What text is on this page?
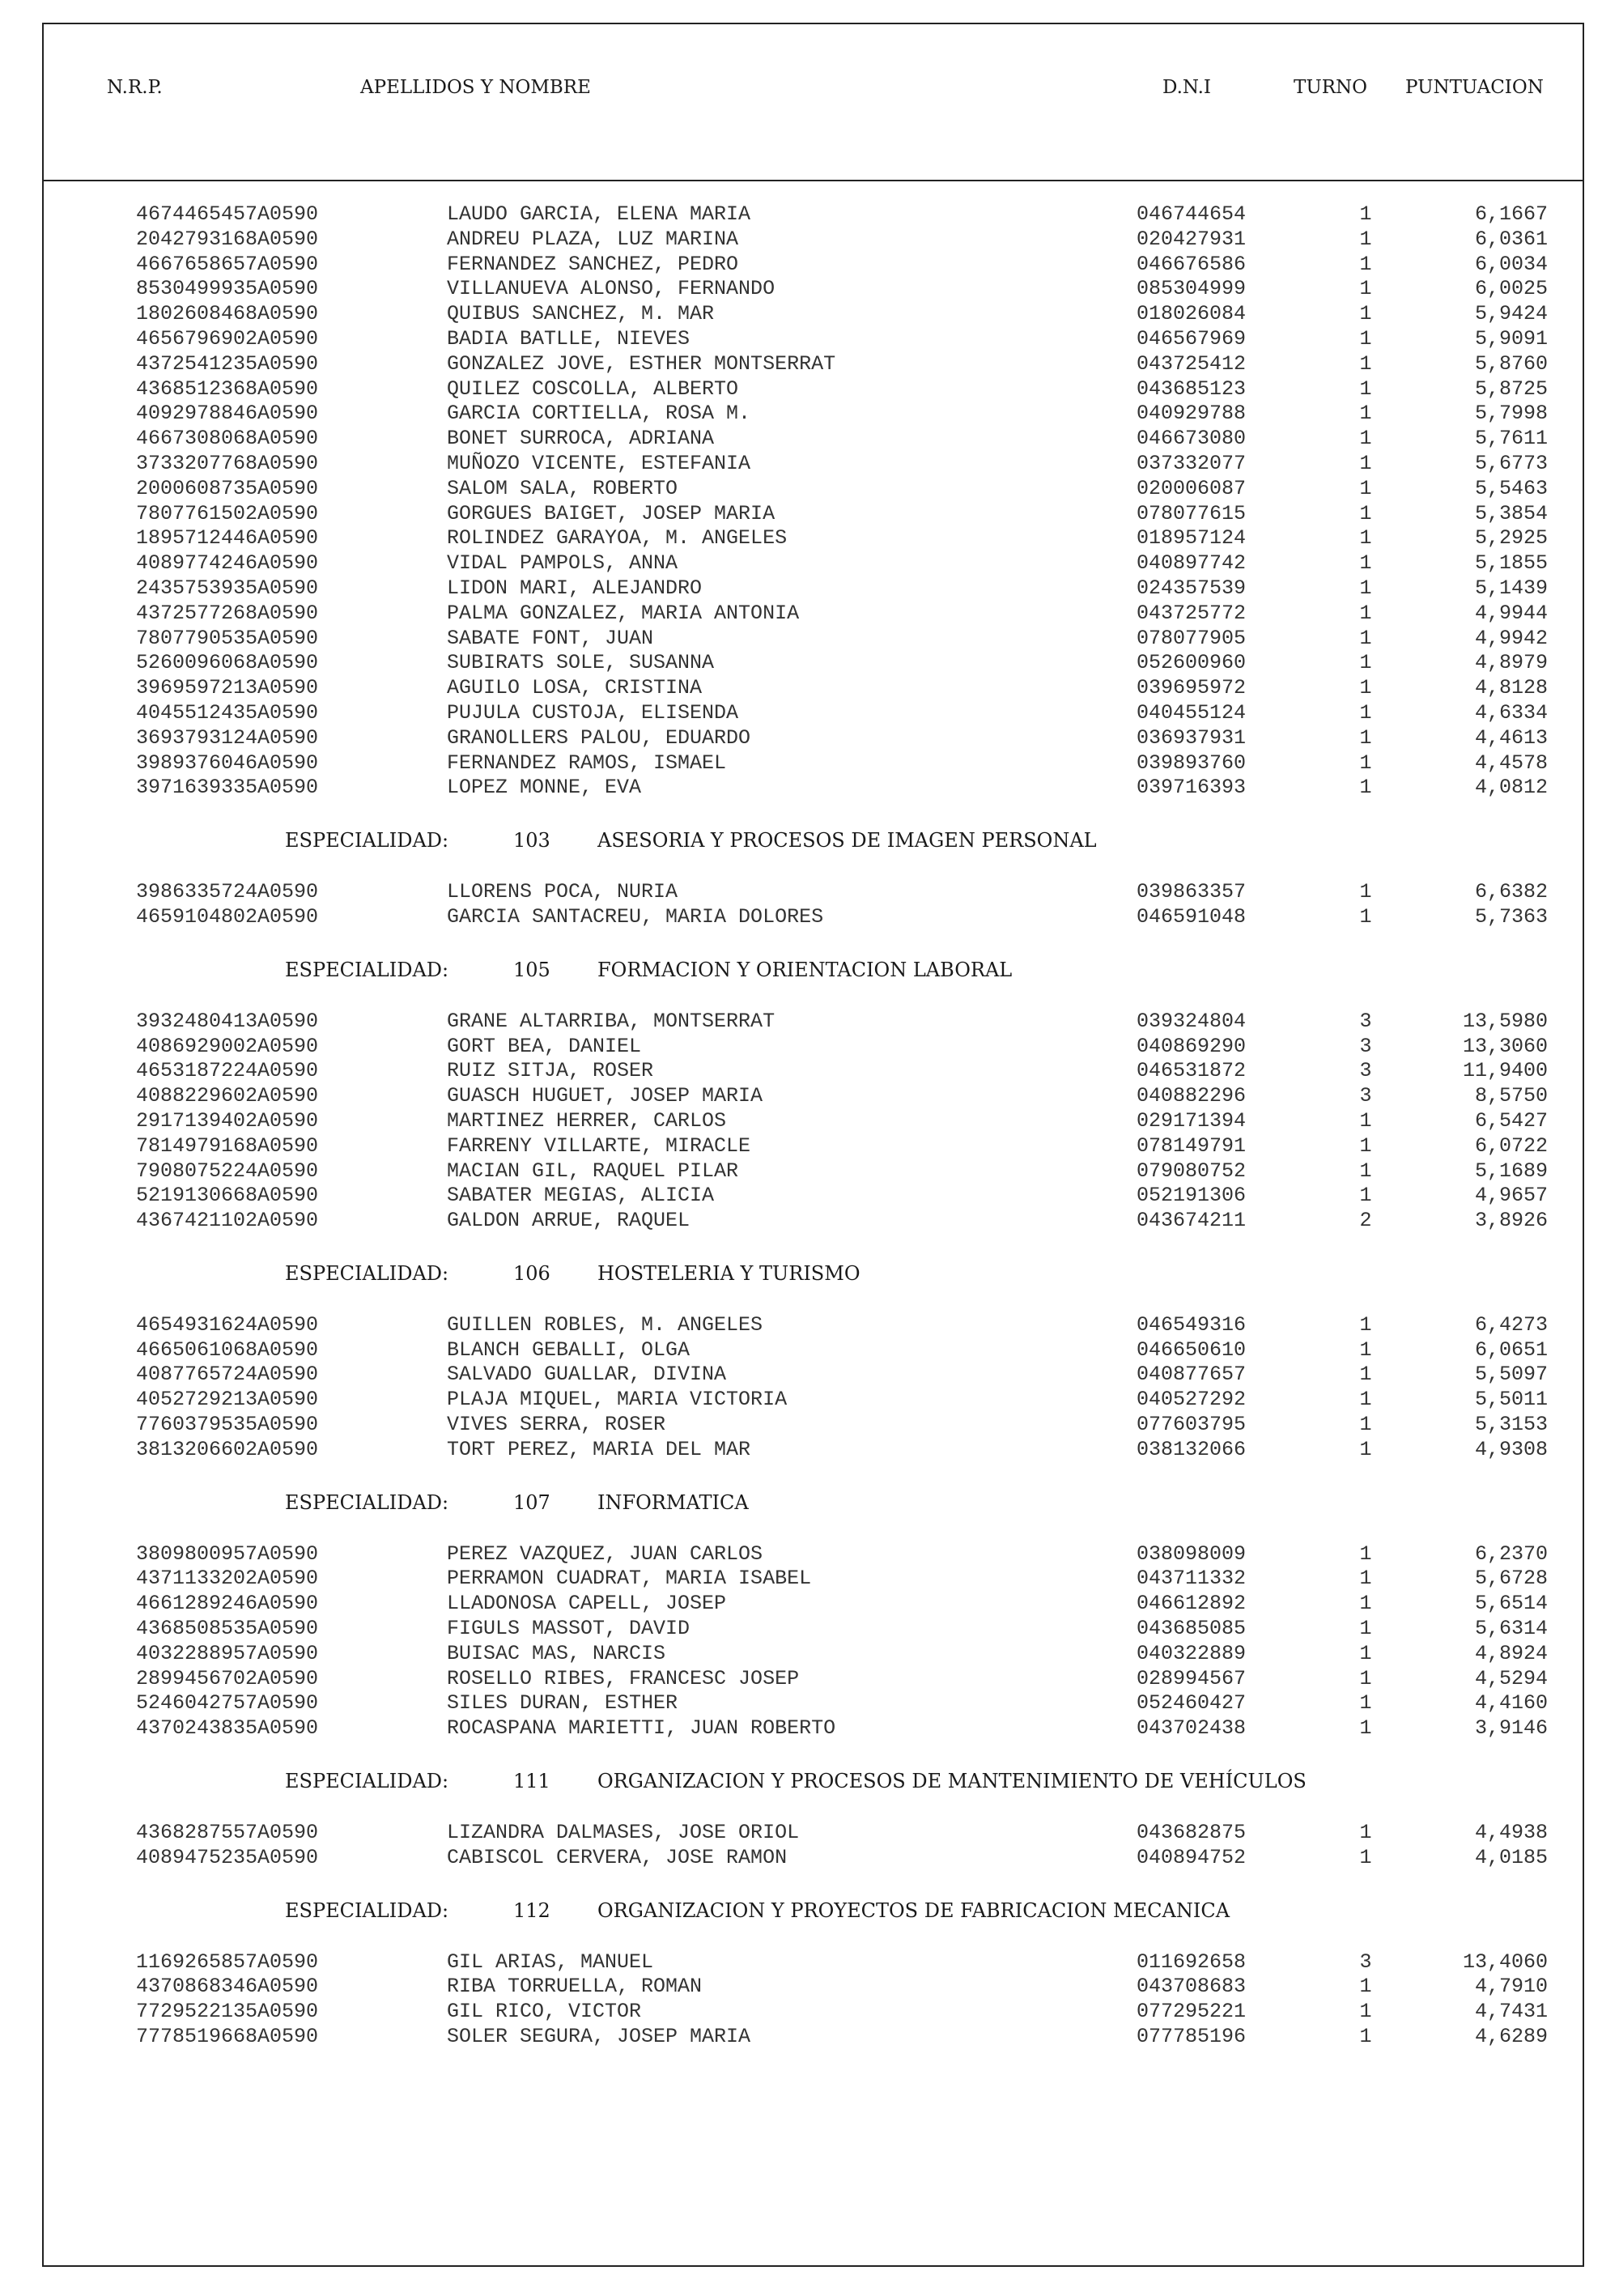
N.R.P.	APELLIDOS Y NOMBRE	D.N.I	TURNO PUNTUACION
4674465457A0590	LAUDO GARCIA, ELENA MARIA	046744654	1	6,1667
2042793168A0590	ANDREU PLAZA, LUZ MARINA	020427931	1	6,0361
4667658657A0590	FERNANDEZ SANCHEZ, PEDRO	046676586	1	6,0034
8530499935A0590	VILLANUEVA ALONSO, FERNANDO	085304999	1	6,0025
1802608468A0590	QUIBUS SANCHEZ, M. MAR	018026084	1	5,9424
4656796902A0590	BADIA BATLLE, NIEVES	046567969	1	5,9091
4372541235A0590	GONZALEZ JOVE, ESTHER MONTSERRAT	043725412	1	5,8760
4368512368A0590	QUILEZ COSCOLLA, ALBERTO	043685123	1	5,8725
4092978846A0590	GARCIA CORTIELLA, ROSA M.	040929788	1	5,7998
4667308068A0590	BONET SURROCA, ADRIANA	046673080	1	5,7611
3733207768A0590	MUÑOZO VICENTE, ESTEFANIA	037332077	1	5,6773
2000608735A0590	SALOM SALA, ROBERTO	020006087	1	5,5463
7807761502A0590	GORGUES BAIGET, JOSEP MARIA	078077615	1	5,3854
1895712446A0590	ROLINDEZ GARAYOA, M. ANGELES	018957124	1	5,2925
4089774246A0590	VIDAL PAMPOLS, ANNA	040897742	1	5,1855
2435753935A0590	LIDON MARI, ALEJANDRO	024357539	1	5,1439
4372577268A0590	PALMA GONZALEZ, MARIA ANTONIA	043725772	1	4,9944
7807790535A0590	SABATE FONT, JUAN	078077905	1	4,9942
5260096068A0590	SUBIRATS SOLE, SUSANNA	052600960	1	4,8979
3969597213A0590	AGUILO LOSA, CRISTINA	039695972	1	4,8128
4045512435A0590	PUJULA CUSTOJA, ELISENDA	040455124	1	4,6334
3693793124A0590	GRANOLLERS PALOU, EDUARDO	036937931	1	4,4613
3989376046A0590	FERNANDEZ RAMOS, ISMAEL	039893760	1	4,4578
3971639335A0590	LOPEZ MONNE, EVA	039716393	1	4,0812
ESPECIALIDAD:	103 ASESORIA Y PROCESOS DE IMAGEN PERSONAL
3986335724A0590	LLORENS POCA, NURIA	039863357	1	6,6382
4659104802A0590	GARCIA SANTACREU, MARIA DOLORES	046591048	1	5,7363
ESPECIALIDAD:	105 FORMACION Y ORIENTACION LABORAL
3932480413A0590	GRANE ALTARRIBA, MONTSERRAT	039324804	3	13,5980
4086929002A0590	GORT BEA, DANIEL	040869290	3	13,3060
4653187224A0590	RUIZ SITJA, ROSER	046531872	3	11,9400
4088229602A0590	GUASCH HUGUET, JOSEP MARIA	040882296	3	8,5750
2917139402A0590	MARTINEZ HERRER, CARLOS	029171394	1	6,5427
7814979168A0590	FARRENY VILLARTE, MIRACLE	078149791	1	6,0722
7908075224A0590	MACIAN GIL, RAQUEL PILAR	079080752	1	5,1689
5219130668A0590	SABATER MEGIAS, ALICIA	052191306	1	4,9657
4367421102A0590	GALDON ARRUE, RAQUEL	043674211	2	3,8926
ESPECIALIDAD:	106 HOSTELERIA Y TURISMO
4654931624A0590	GUILLEN ROBLES, M. ANGELES	046549316	1	6,4273
4665061068A0590	BLANCH GEBALLI, OLGA	046650610	1	6,0651
4087765724A0590	SALVADO GUALLAR, DIVINA	040877657	1	5,5097
4052729213A0590	PLAJA MIQUEL, MARIA VICTORIA	040527292	1	5,5011
7760379535A0590	VIVES SERRA, ROSER	077603795	1	5,3153
3813206602A0590	TORT PEREZ, MARIA DEL MAR	038132066	1	4,9308
ESPECIALIDAD:	107 INFORMATICA
3809800957A0590	PEREZ VAZQUEZ, JUAN CARLOS	038098009	1	6,2370
4371133202A0590	PERRAMON CUADRAT, MARIA ISABEL	043711332	1	5,6728
4661289246A0590	LLADONOSA CAPELL, JOSEP	046612892	1	5,6514
4368508535A0590	FIGULS MASSOT, DAVID	043685085	1	5,6314
4032288957A0590	BUISAC MAS, NARCIS	040322889	1	4,8924
2899456702A0590	ROSELLO RIBES, FRANCESC JOSEP	028994567	1	4,5294
5246042757A0590	SILES DURAN, ESTHER	052460427	1	4,4160
4370243835A0590	ROCASPANA MARIETTI, JUAN ROBERTO	043702438	1	3,9146
ESPECIALIDAD:	111 ORGANIZACION Y PROCESOS DE MANTENIMIENTO DE VEHÍCULOS
4368287557A0590	LIZANDRA DALMASES, JOSE ORIOL	043682875	1	4,4938
4089475235A0590	CABISCOL CERVERA, JOSE RAMON	040894752	1	4,0185
ESPECIALIDAD:	112 ORGANIZACION Y PROYECTOS DE FABRICACION MECANICA
1169265857A0590	GIL ARIAS, MANUEL	011692658	3	13,4060
4370868346A0590	RIBA TORRUELLA, ROMAN	043708683	1	4,7910
7729522135A0590	GIL RICO, VICTOR	077295221	1	4,7431
7778519668A0590	SOLER SEGURA, JOSEP MARIA	077785196	1	4,6289
